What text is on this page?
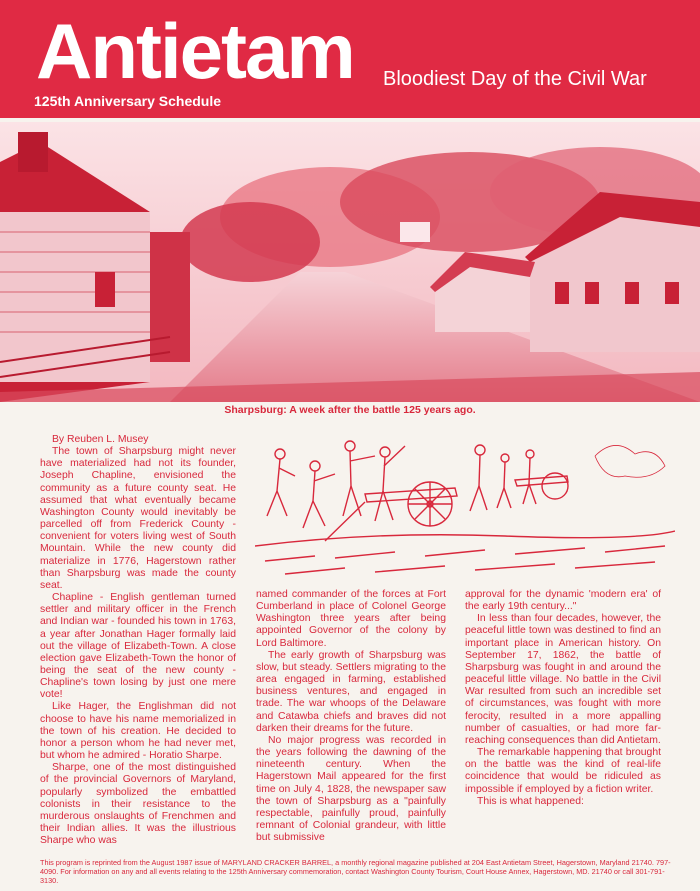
Antietam Bloodiest Day of the Civil War
125th Anniversary Schedule
Sharpsburg: A week after the battle 125 years ago.

By Reuben L. Musey

The town of Sharpsburg might never have materialized had not its founder, Joseph Chapline, envisioned the community as a future county seat. He assumed that what eventually became Washington County would inevitably be parcelled off from Frederick County - convenient for voters living west of South Mountain. While the new county did materialize in 1776, Hagerstown rather than Sharpsburg was made the county seat.

Chapline - English gentleman turned settler and military officer in the French and Indian war - founded his town in 1763, a year after Jonathan Hager formally laid out the village of Elizabeth-Town. A close election gave Elizabeth-Town the honor of being the seat of the new county - Chapline's town losing by just one mere vote!

Like Hager, the Englishman did not choose to have his name memorialized in the town of his creation. He decided to honor a person whom he had never met, but whom he admired - Horatio Sharpe.

Sharpe, one of the most distinguished of the provincial Governors of Maryland, popularly symbolized the embattled colonists in their resistance to the murderous onslaughts of Frenchmen and their Indian allies. It was the illustrious Sharpe who was

named commander of the forces at Fort Cumberland in place of Colonel George Washington three years after being appointed Governor of the colony by Lord Baltimore.

The early growth of Sharpsburg was slow, but steady. Settlers migrating to the area engaged in farming, established business ventures, and engaged in trade. The war whoops of the Delaware and Catawba chiefs and braves did not darken their dreams for the future.

No major progress was recorded in the years following the dawning of the nineteenth century. When the Hagerstown Mail appeared for the first time on July 4, 1828, the newspaper saw the town of Sharpsburg as a "painfully respectable, painfully proud, painfully remnant of Colonial grandeur, with little but submissive

approval for the dynamic 'modern era' of the early 19th century..."

In less than four decades, however, the peaceful little town was destined to find an important place in American history. On September 17, 1862, the battle of Sharpsburg was fought in and around the peaceful little village. No battle in the Civil War resulted from such an incredible set of circumstances, was fought with more ferocity, resulted in a more appalling number of casualties, or had more far-reaching consequences than did Antietam.

The remarkable happening that brought on the battle was the kind of real-life coincidence that would be ridiculed as impossible if employed by a fiction writer.

This is what happened:

This program is reprinted from the August 1987 issue of MARYLAND CRACKER BARREL, a monthly regional magazine published at 204 East Antietam Street, Hagerstown, Maryland 21740. 797-4090. For information on any and all events relating to the 125th Anniversary commemoration, contact Washington County Tourism, Court House Annex, Hagerstown, MD. 21740 or call 301-791-3130.
